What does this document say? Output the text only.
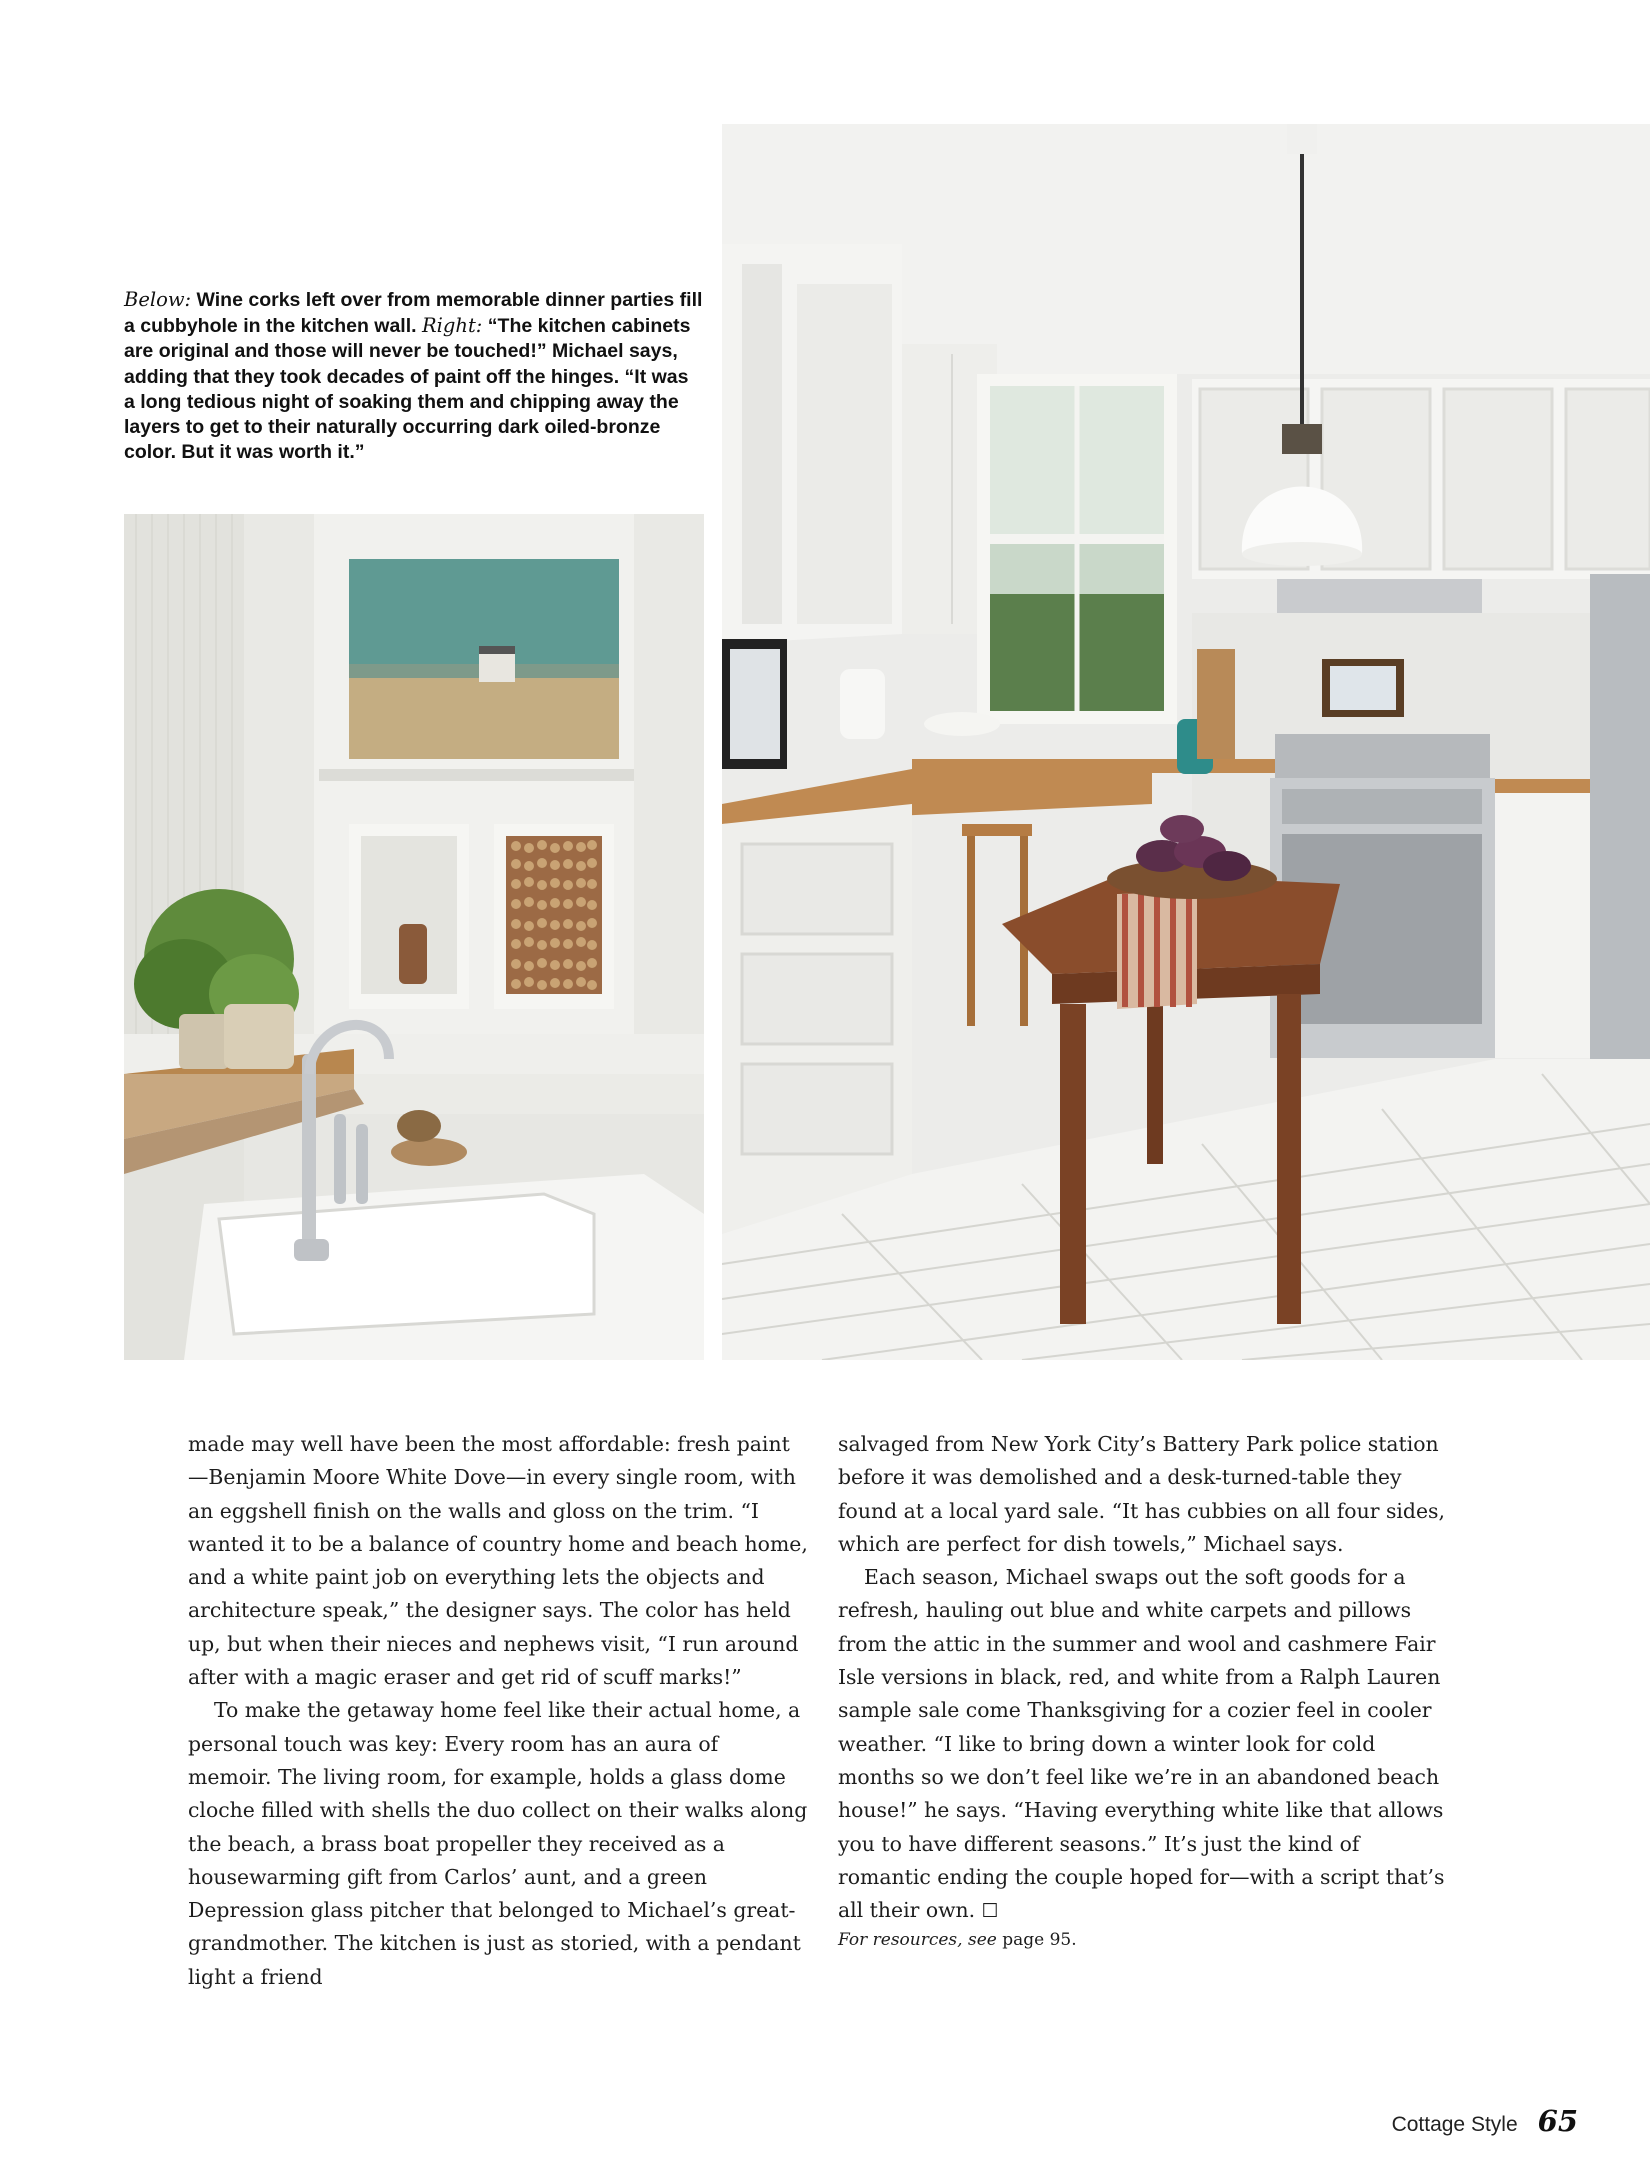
Below: Wine corks left over from memorable dinner parties fill a cubbyhole in the kitchen wall. Right: “The kitchen cabinets are original and those will never be touched!” Michael says, adding that they took decades of paint off the hinges. “It was a long tedious night of soaking them and chipping away the layers to get to their naturally occurring dark oiled-bronze color. But it was worth it.”

made may well have been the most affordable: fresh paint—Benjamin Moore White Dove—in every single room, with an eggshell finish on the walls and gloss on the trim. “I wanted it to be a balance of country home and beach home, and a white paint job on everything lets the objects and architecture speak,” the designer says. The color has held up, but when their nieces and nephews visit, “I run around after with a magic eraser and get rid of scuff marks!”

To make the getaway home feel like their actual home, a personal touch was key: Every room has an aura of memoir. The living room, for example, holds a glass dome cloche filled with shells the duo collect on their walks along the beach, a brass boat propeller they received as a housewarming gift from Carlos’ aunt, and a green Depression glass pitcher that belonged to Michael’s great-grandmother. The kitchen is just as storied, with a pendant light a friend

salvaged from New York City’s Battery Park police station before it was demolished and a desk-turned-table they found at a local yard sale. “It has cubbies on all four sides, which are perfect for dish towels,” Michael says.

Each season, Michael swaps out the soft goods for a refresh, hauling out blue and white carpets and pillows from the attic in the summer and wool and cashmere Fair Isle versions in black, red, and white from a Ralph Lauren sample sale come Thanksgiving for a cozier feel in cooler weather. “I like to bring down a winter look for cold months so we don’t feel like we’re in an abandoned beach house!” he says. “Having everything white like that allows you to have different seasons.” It’s just the kind of romantic ending the couple hoped for—with a script that’s all their own. ☐

For resources, see page 95.

Cottage Style 65
